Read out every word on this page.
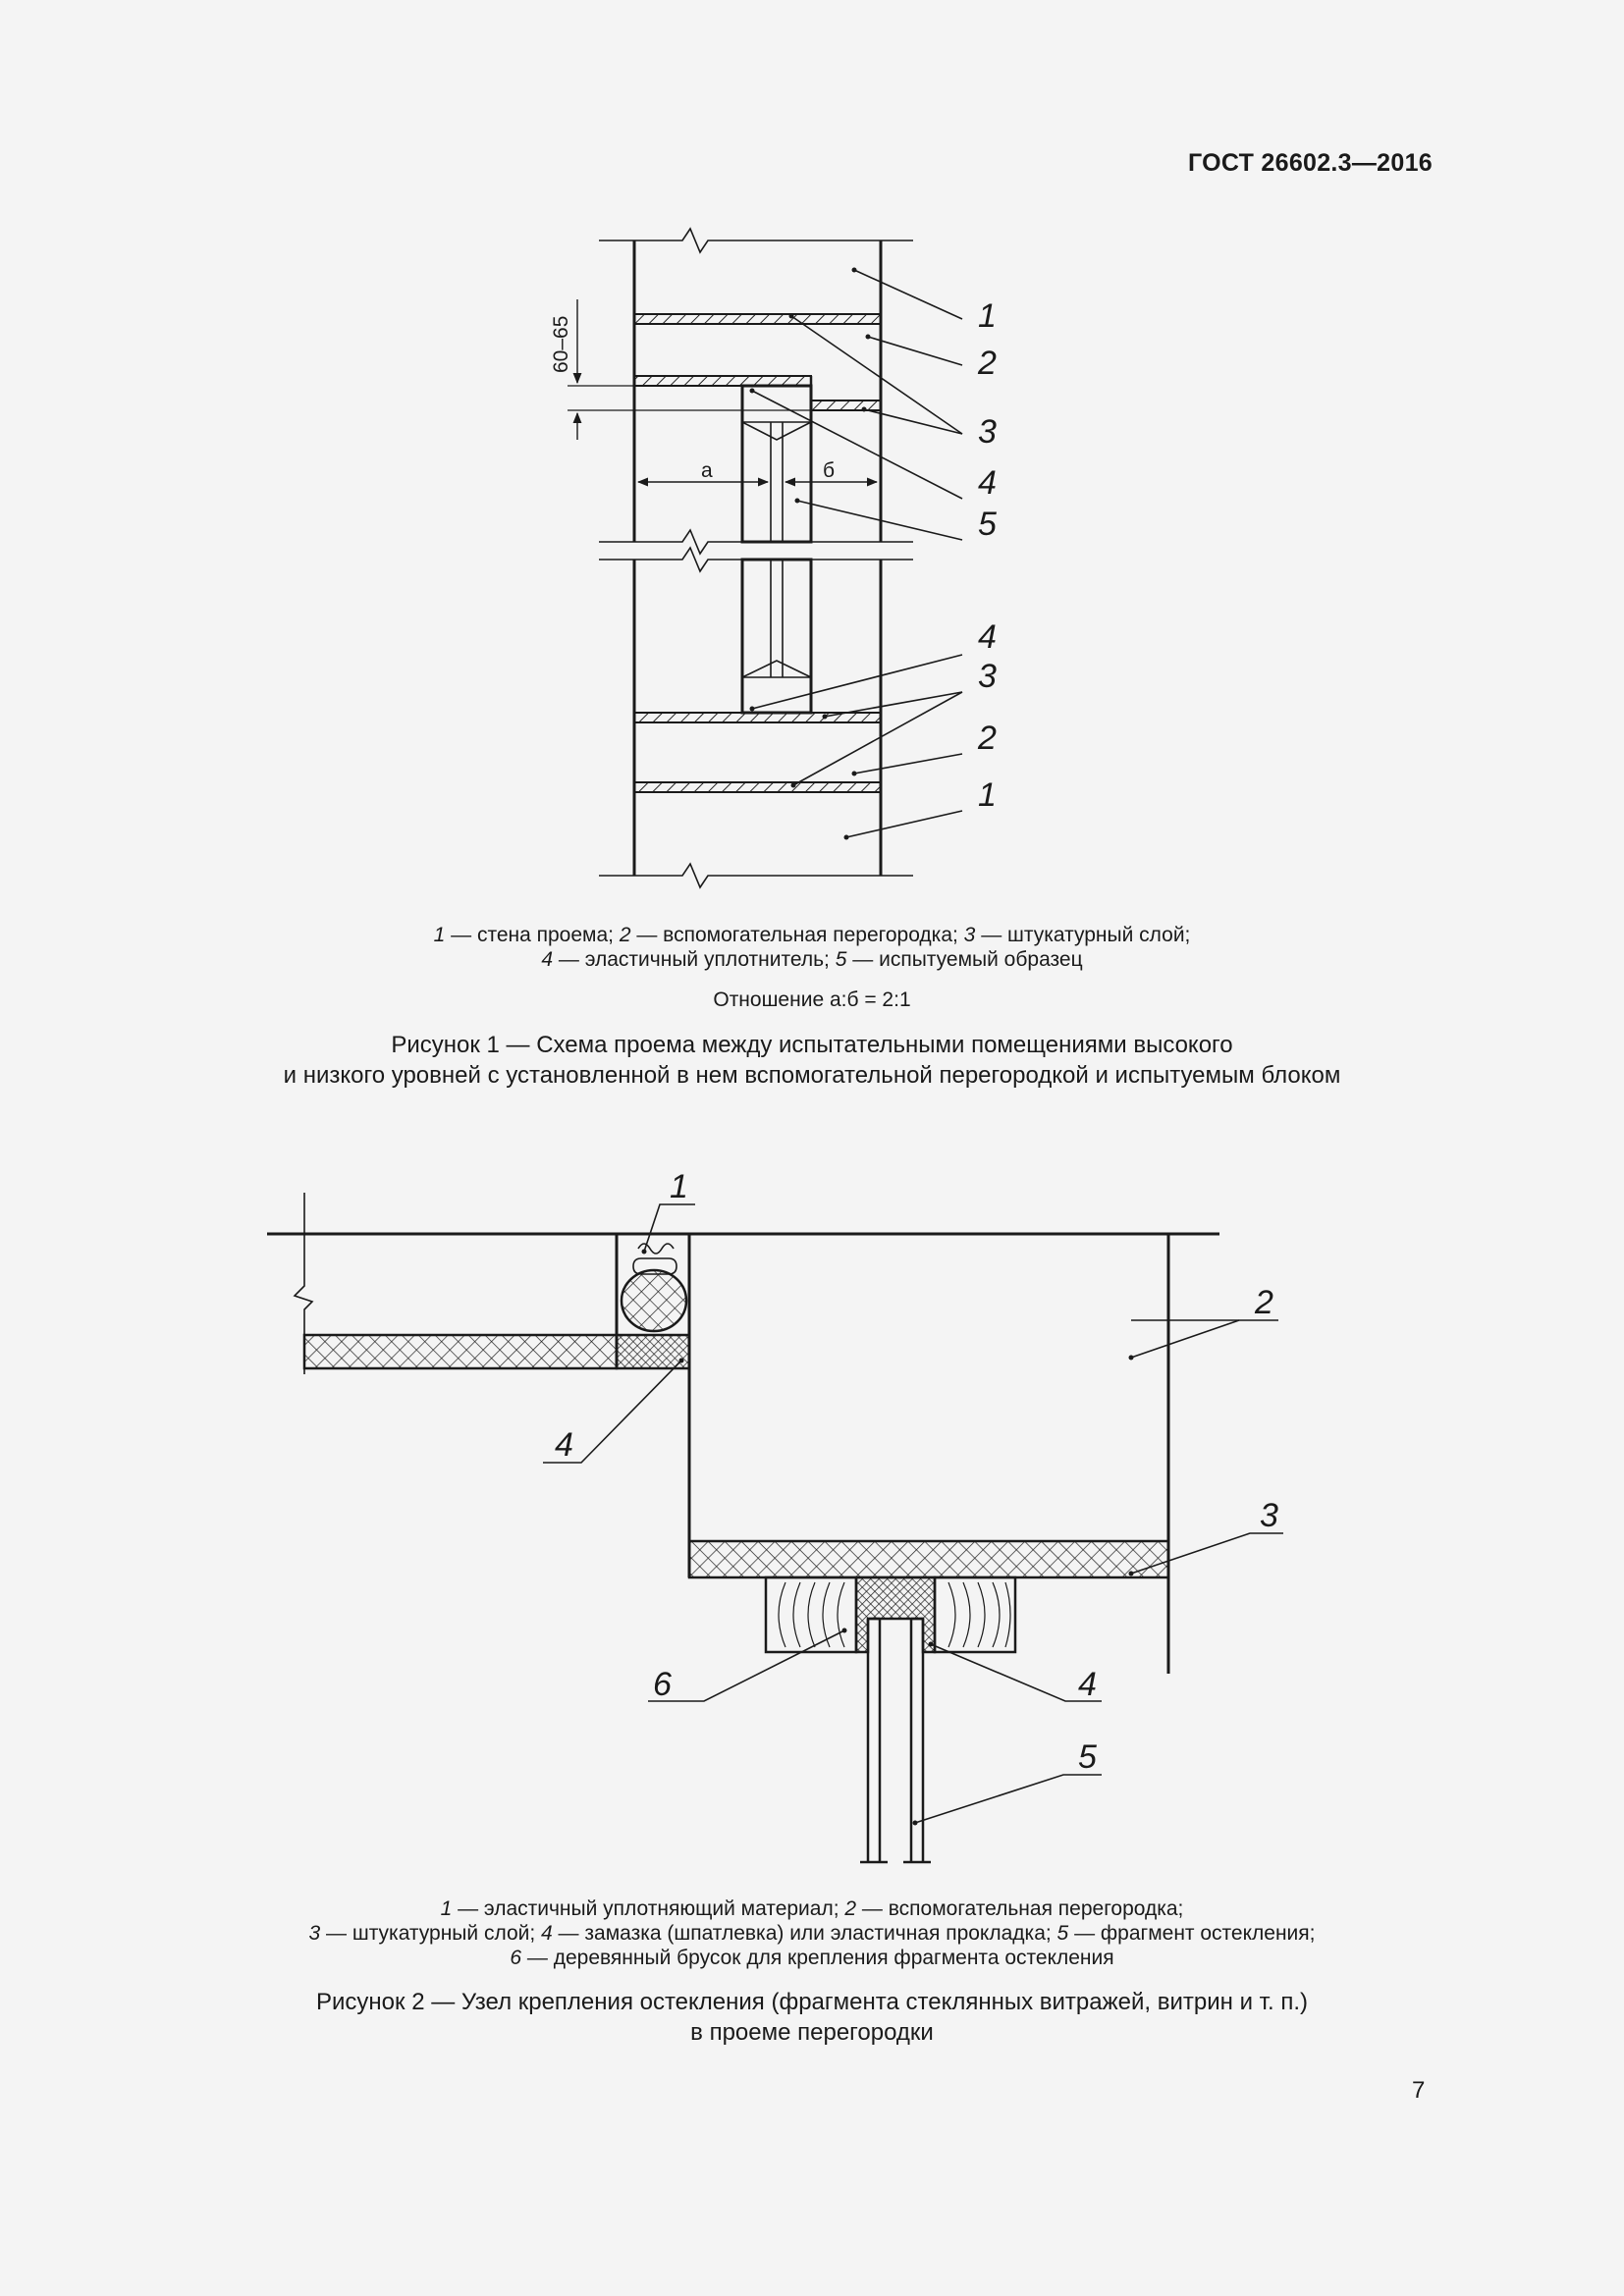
ГОСТ 26602.3—2016
60–65
а	б
1
2
3
4
5
4
3
2
1
1 — стена проема; 2 — вспомогательная перегородка; 3 — штукатурный слой;
4 — эластичный уплотнитель; 5 — испытуемый образец
Отношение а:б = 2:1
Рисунок 1 — Схема проема между испытательными помещениями высокого
и низкого уровней с установленной в нем вспомогательной перегородкой и испытуемым блоком
1
2
3
4
6	4
5
1 — эластичный уплотняющий материал; 2 — вспомогательная перегородка;
3 — штукатурный слой; 4 — замазка (шпатлевка) или эластичная прокладка; 5 — фрагмент остекления;
6 — деревянный брусок для крепления фрагмента остекления
Рисунок 2 — Узел крепления остекления (фрагмента стеклянных витражей, витрин и т. п.)
в проеме перегородки
7
